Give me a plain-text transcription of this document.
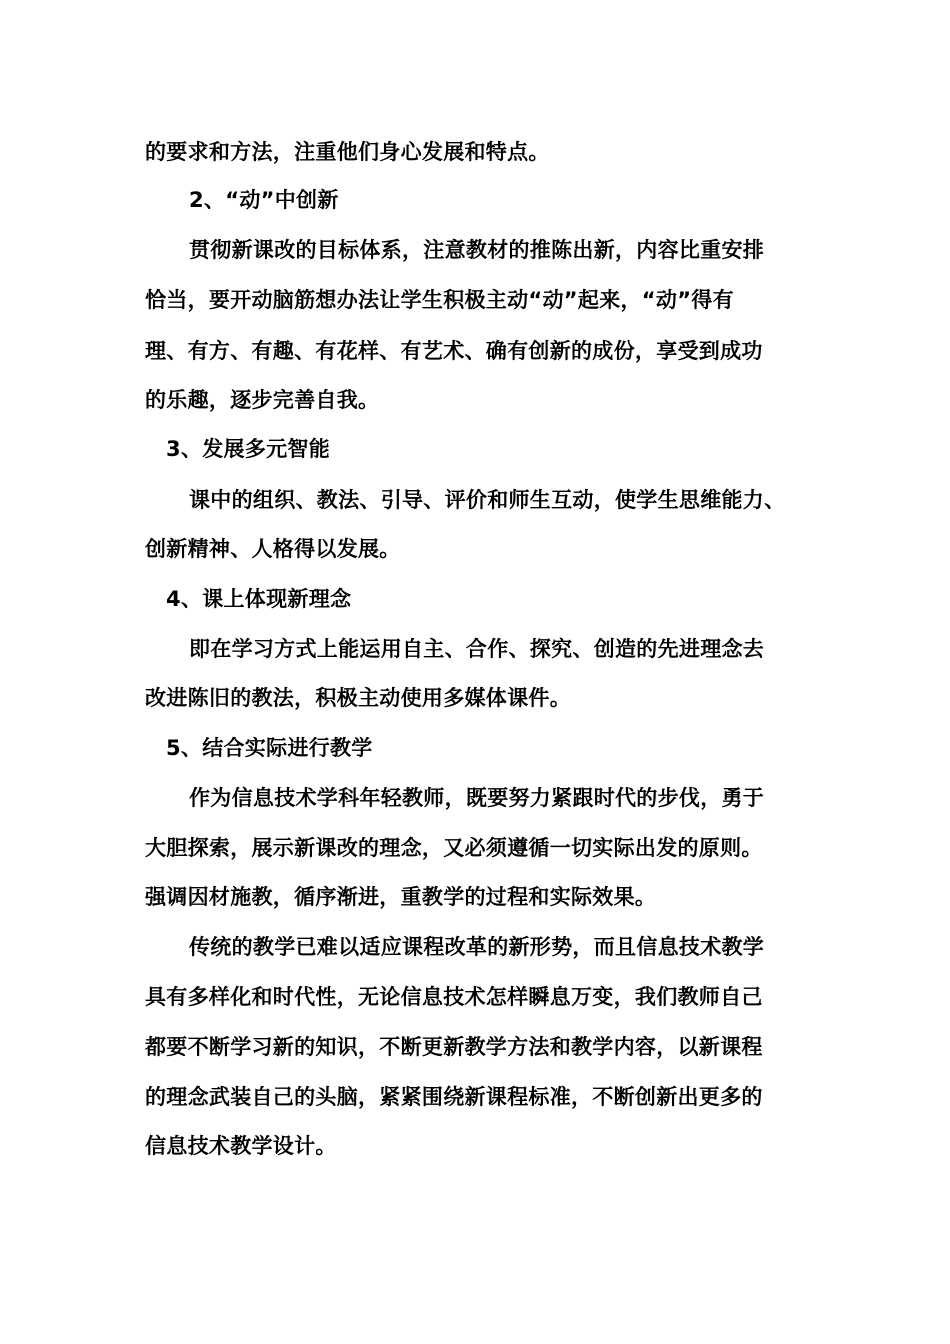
的要求和方法，注重他们身心发展和特点。
2、“动”中创新
贯彻新课改的目标体系，注意教材的推陈出新，内容比重安排
恰当，要开动脑筋想办法让学生积极主动“动”起来，“动”得有
理、有方、有趣、有花样、有艺术、确有创新的成份，享受到成功
的乐趣，逐步完善自我。
3、发展多元智能
课中的组织、教法、引导、评价和师生互动，使学生思维能力、
创新精神、人格得以发展。
4、课上体现新理念
即在学习方式上能运用自主、合作、探究、创造的先进理念去
改进陈旧的教法，积极主动使用多媒体课件。
5、结合实际进行教学
作为信息技术学科年轻教师，既要努力紧跟时代的步伐，勇于
大胆探索，展示新课改的理念，又必须遵循一切实际出发的原则。
强调因材施教，循序渐进，重教学的过程和实际效果。
传统的教学已难以适应课程改革的新形势，而且信息技术教学
具有多样化和时代性，无论信息技术怎样瞬息万变，我们教师自己
都要不断学习新的知识，不断更新教学方法和教学内容，以新课程
的理念武装自己的头脑，紧紧围绕新课程标准，不断创新出更多的
信息技术教学设计。
